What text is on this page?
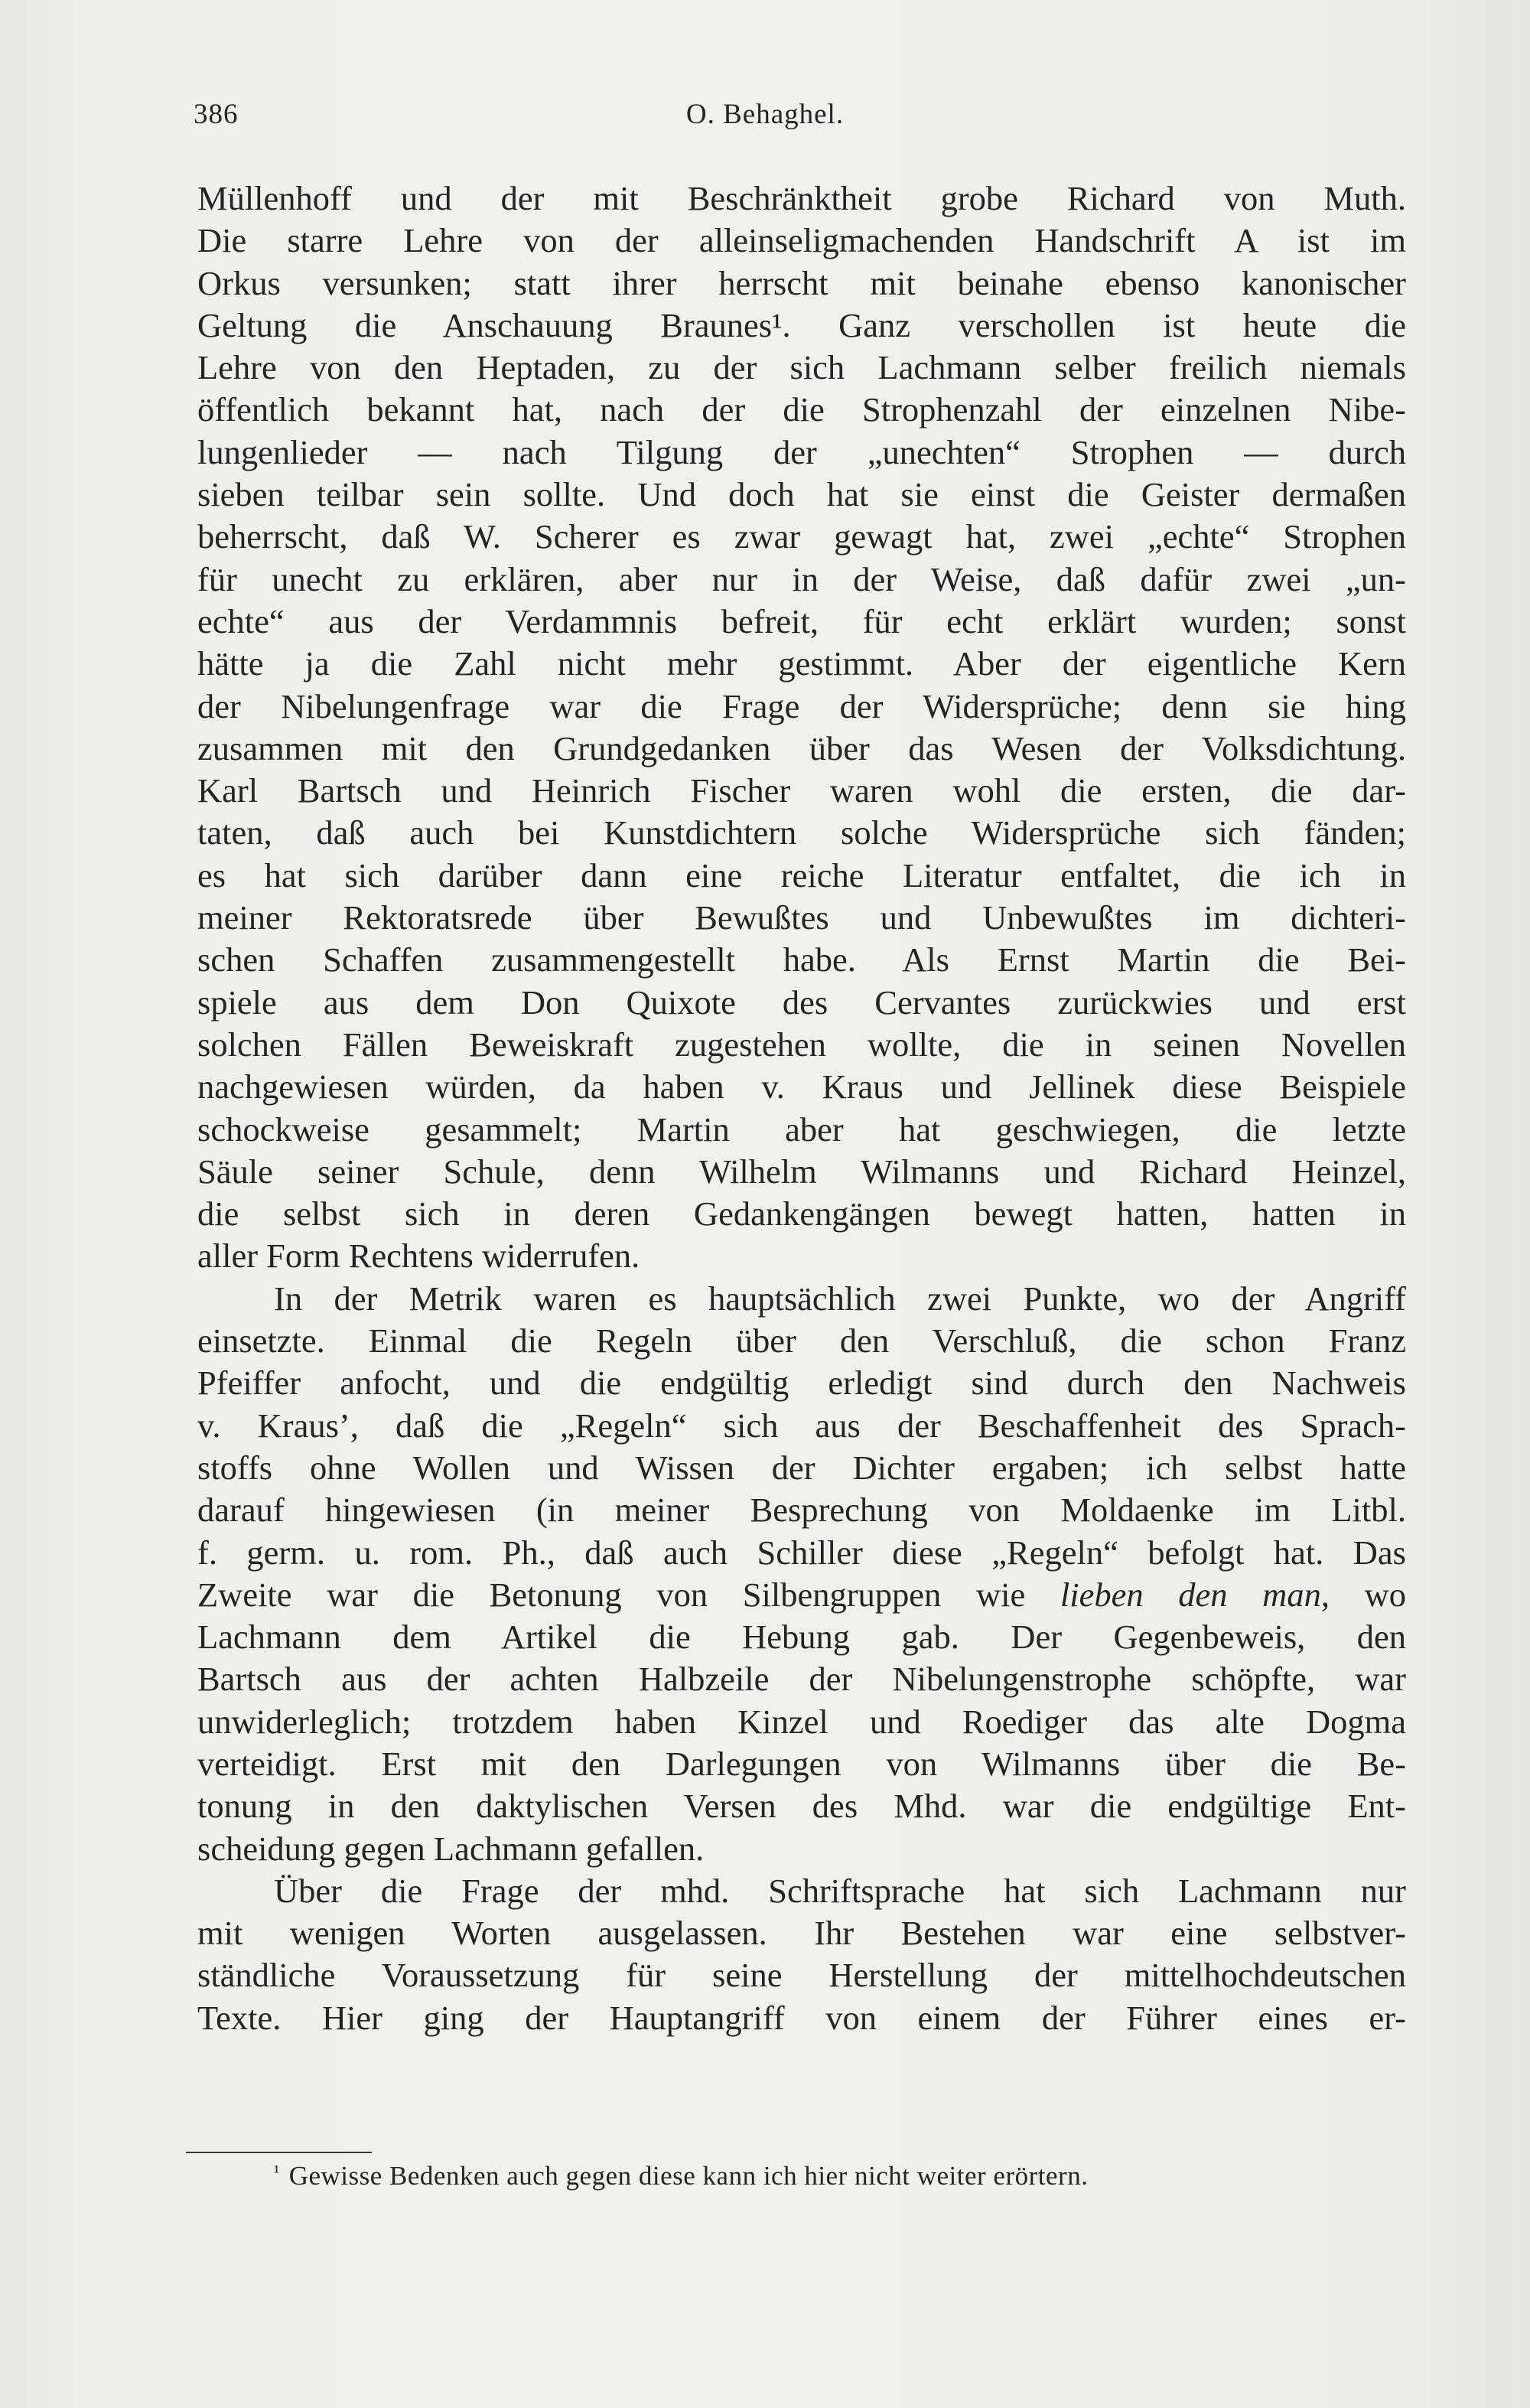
386	O. Behaghel.
Müllenhoff und der mit Beschränktheit grobe Richard von Muth.
Die starre Lehre von der alleinseligmachenden Handschrift A ist im
Orkus versunken; statt ihrer herrscht mit beinahe ebenso kanonischer
Geltung die Anschauung Braunes¹. Ganz verschollen ist heute die
Lehre von den Heptaden, zu der sich Lachmann selber freilich niemals
öffentlich bekannt hat, nach der die Strophenzahl der einzelnen Nibe-
lungenlieder — nach Tilgung der „unechten“ Strophen — durch
sieben teilbar sein sollte. Und doch hat sie einst die Geister dermaßen
beherrscht, daß W. Scherer es zwar gewagt hat, zwei „echte“ Strophen
für unecht zu erklären, aber nur in der Weise, daß dafür zwei „un-
echte“ aus der Verdammnis befreit, für echt erklärt wurden; sonst
hätte ja die Zahl nicht mehr gestimmt. Aber der eigentliche Kern
der Nibelungenfrage war die Frage der Widersprüche; denn sie hing
zusammen mit den Grundgedanken über das Wesen der Volksdichtung.
Karl Bartsch und Heinrich Fischer waren wohl die ersten, die dar-
taten, daß auch bei Kunstdichtern solche Widersprüche sich fänden;
es hat sich darüber dann eine reiche Literatur entfaltet, die ich in
meiner Rektoratsrede über Bewußtes und Unbewußtes im dichteri-
schen Schaffen zusammengestellt habe. Als Ernst Martin die Bei-
spiele aus dem Don Quixote des Cervantes zurückwies und erst
solchen Fällen Beweiskraft zugestehen wollte, die in seinen Novellen
nachgewiesen würden, da haben v. Kraus und Jellinek diese Beispiele
schockweise gesammelt; Martin aber hat geschwiegen, die letzte
Säule seiner Schule, denn Wilhelm Wilmanns und Richard Heinzel,
die selbst sich in deren Gedankengängen bewegt hatten, hatten in
aller Form Rechtens widerrufen.
In der Metrik waren es hauptsächlich zwei Punkte, wo der Angriff
einsetzte. Einmal die Regeln über den Verschluß, die schon Franz
Pfeiffer anfocht, und die endgültig erledigt sind durch den Nachweis
v. Kraus’, daß die „Regeln“ sich aus der Beschaffenheit des Sprach-
stoffs ohne Wollen und Wissen der Dichter ergaben; ich selbst hatte
darauf hingewiesen (in meiner Besprechung von Moldaenke im Litbl.
f. germ. u. rom. Ph., daß auch Schiller diese „Regeln“ befolgt hat. Das
Zweite war die Betonung von Silbengruppen wie lieben den man, wo
Lachmann dem Artikel die Hebung gab. Der Gegenbeweis, den
Bartsch aus der achten Halbzeile der Nibelungenstrophe schöpfte, war
unwiderleglich; trotzdem haben Kinzel und Roediger das alte Dogma
verteidigt. Erst mit den Darlegungen von Wilmanns über die Be-
tonung in den daktylischen Versen des Mhd. war die endgültige Ent-
scheidung gegen Lachmann gefallen.
Über die Frage der mhd. Schriftsprache hat sich Lachmann nur
mit wenigen Worten ausgelassen. Ihr Bestehen war eine selbstver-
ständliche Voraussetzung für seine Herstellung der mittelhochdeutschen
Texte. Hier ging der Hauptangriff von einem der Führer eines er-
$^{^1}$ Gewisse Bedenken auch gegen diese kann ich hier nicht weiter erörtern.
